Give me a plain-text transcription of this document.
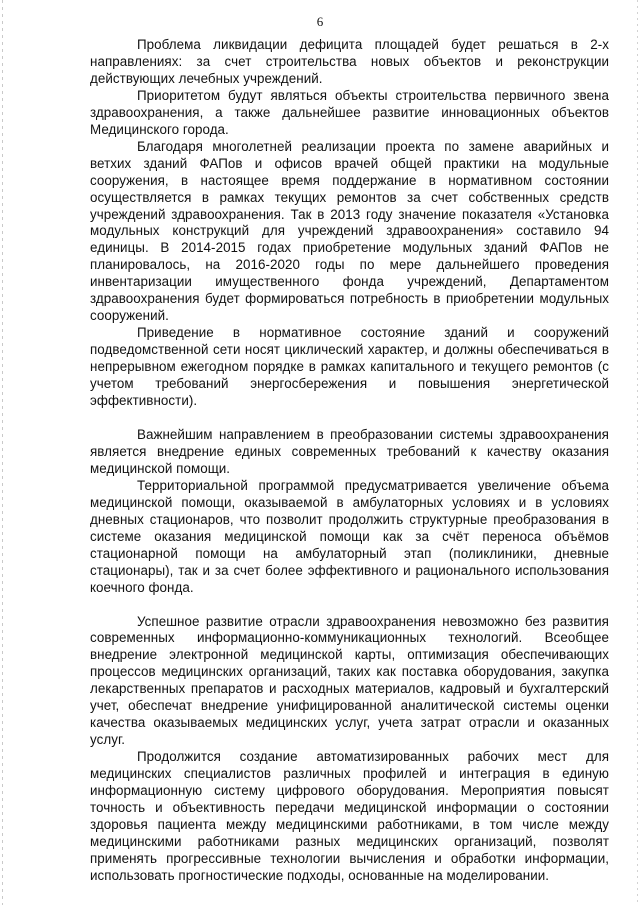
6

Проблема ликвидации дефицита площадей будет решаться в 2-х направлениях: за счет строительства новых объектов и реконструкции действующих лечебных учреждений.

Приоритетом будут являться объекты строительства первичного звена здравоохранения, а также дальнейшее развитие инновационных объектов Медицинского города.

Благодаря многолетней реализации проекта по замене аварийных и ветхих зданий ФАПов и офисов врачей общей практики на модульные сооружения, в настоящее время поддержание в нормативном состоянии осуществляется в рамках текущих ремонтов за счет собственных средств учреждений здравоохранения. Так в 2013 году значение показателя «Установка модульных конструкций для учреждений здравоохранения» составило 94 единицы. В 2014-2015 годах приобретение модульных зданий ФАПов не планировалось, на 2016-2020 годы по мере дальнейшего проведения инвентаризации имущественного фонда учреждений, Департаментом здравоохранения будет формироваться потребность в приобретении модульных сооружений.

Приведение в нормативное состояние зданий и сооружений подведомственной сети носят циклический характер, и должны обеспечиваться в непрерывном ежегодном порядке в рамках капитального и текущего ремонтов (с учетом требований энергосбережения и повышения энергетической эффективности).

Важнейшим направлением в преобразовании системы здравоохранения является внедрение единых современных требований к качеству оказания медицинской помощи.

Территориальной программой предусматривается увеличение объема медицинской помощи, оказываемой в амбулаторных условиях и в условиях дневных стационаров, что позволит продолжить структурные преобразования в системе оказания медицинской помощи как за счёт переноса объёмов стационарной помощи на амбулаторный этап (поликлиники, дневные стационары), так и за счет более эффективного и рационального использования коечного фонда.

Успешное развитие отрасли здравоохранения невозможно без развития современных информационно-коммуникационных технологий. Всеобщее внедрение электронной медицинской карты, оптимизация обеспечивающих процессов медицинских организаций, таких как поставка оборудования, закупка лекарственных препаратов и расходных материалов, кадровый и бухгалтерский учет, обеспечат внедрение унифицированной аналитической системы оценки качества оказываемых медицинских услуг, учета затрат отрасли и оказанных услуг.

Продолжится создание автоматизированных рабочих мест для медицинских специалистов различных профилей и интеграция в единую информационную систему цифрового оборудования. Мероприятия повысят точность и объективность передачи медицинской информации о состоянии здоровья пациента между медицинскими работниками, в том числе между медицинскими работниками разных медицинских организаций, позволят применять прогрессивные технологии вычисления и обработки информации, использовать прогностические подходы, основанные на моделировании.
